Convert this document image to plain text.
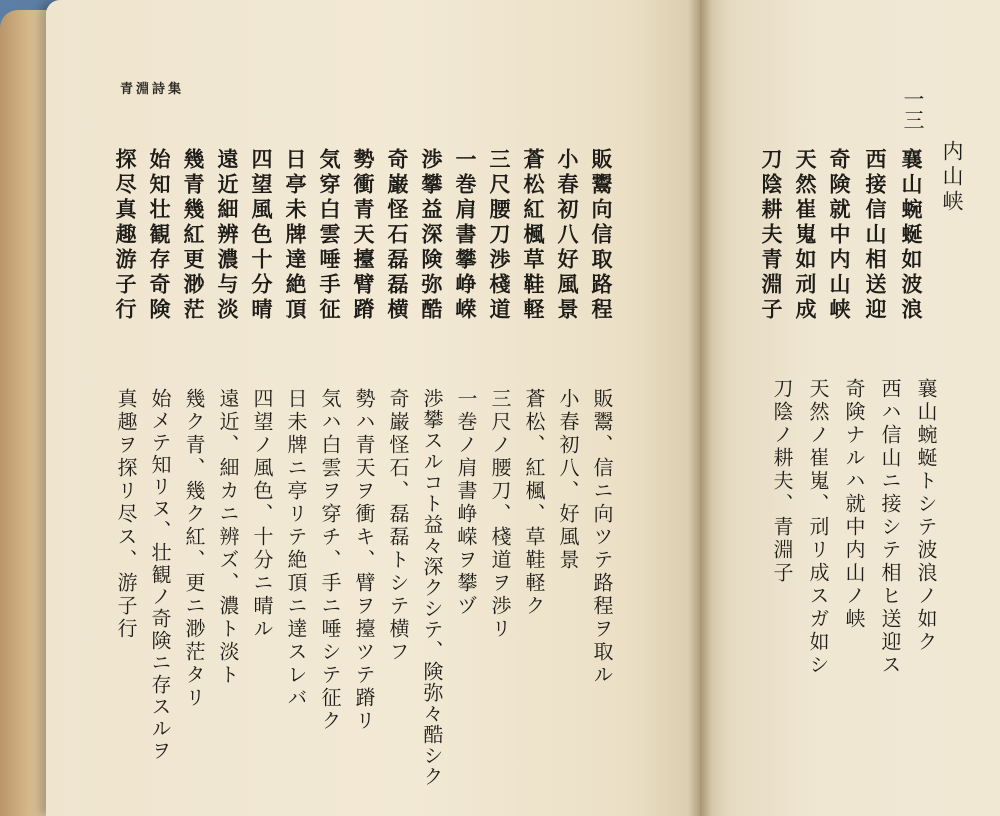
青淵詩集	一三
内山峡
襄山蜿蜒如波浪
西接信山相送迎
奇険就中内山峡
天然崔嵬如刓成
刀陰耕夫青淵子
襄山蜿蜒トシテ波浪ノ如ク
西ハ信山ニ接シテ相ヒ送迎ス
奇険ナルハ就中内山ノ峡
天然ノ崔嵬、刓リ成スガ如シ
刀陰ノ耕夫、青淵子
販鬻向信取路程
小春初八好風景
蒼松紅楓草鞋軽
三尺腰刀渉棧道
一巻肩書攀峥嵘
渉攀益深険弥酷
奇巌怪石磊磊横
勢衝青天擡臂蹐
気穿白雲唾手征
日亭未牌達絶頂
四望風色十分晴
遠近細辨濃与淡
幾青幾紅更渺茫
始知壮観存奇険
探尽真趣游子行
販鬻、信ニ向ツテ路程ヲ取ル
小春初八、好風景
蒼松、紅楓、草鞋軽ク
三尺ノ腰刀、棧道ヲ渉リ
一巻ノ肩書峥嵘ヲ攀ヅ
渉攀スルコト益々深クシテ、険弥々酷シク
奇巌怪石、磊磊トシテ横フ
勢ハ青天ヲ衝キ、臂ヲ擡ツテ蹐リ
気ハ白雲ヲ穿チ、手ニ唾シテ征ク
日未牌ニ亭リテ絶頂ニ達スレバ
四望ノ風色、十分ニ晴ル
遠近、細カニ辨ズ、濃ト淡ト
幾ク青、幾ク紅、更ニ渺茫タリ
始メテ知リヌ、壮観ノ奇険ニ存スルヲ
真趣ヲ探リ尽ス、游子行
